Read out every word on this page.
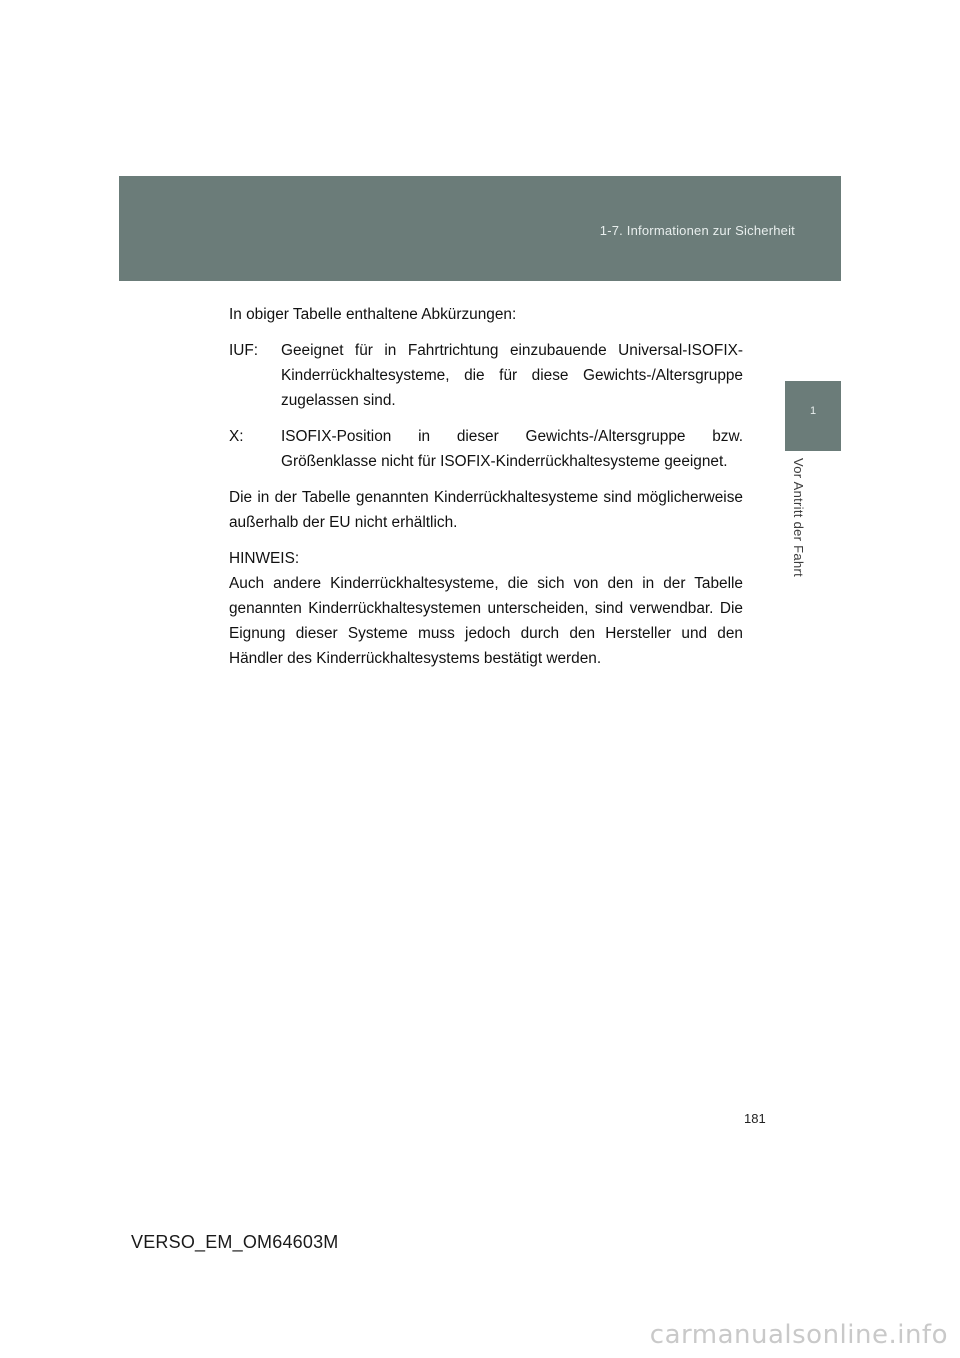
1-7. Informationen zur Sicherheit
1
Vor Antritt der Fahrt

In obiger Tabelle enthaltene Abkürzungen:

IUF: Geeignet für in Fahrtrichtung einzubauende Universal-ISOFIX-Kinderrückhaltesysteme, die für diese Gewichts-/Altersgruppe zugelassen sind.
X: ISOFIX-Position in dieser Gewichts-/Altersgruppe bzw. Größenklasse nicht für ISOFIX-Kinderrückhaltesysteme geeignet.

Die in der Tabelle genannten Kinderrückhaltesysteme sind möglicherweise außerhalb der EU nicht erhältlich.

HINWEIS:

Auch andere Kinderrückhaltesysteme, die sich von den in der Tabelle genannten Kinderrückhaltesystemen unterscheiden, sind verwendbar. Die Eignung dieser Systeme muss jedoch durch den Hersteller und den Händler des Kinderrückhaltesystems bestätigt werden.

181
VERSO_EM_OM64603M
carmanualsonline.info
